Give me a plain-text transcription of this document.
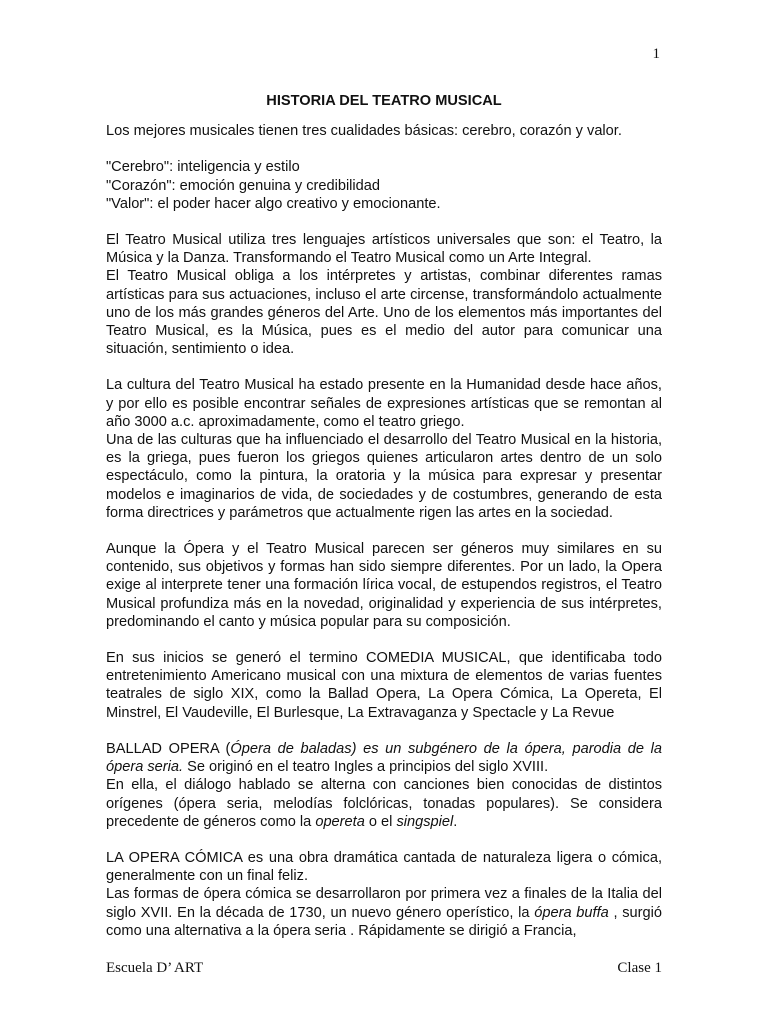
1

HISTORIA DEL TEATRO MUSICAL

Los mejores musicales tienen tres cualidades básicas: cerebro, corazón y valor.

"Cerebro": inteligencia y estilo

"Corazón": emoción genuina y credibilidad

"Valor": el poder hacer algo creativo y emocionante.

El Teatro Musical utiliza tres lenguajes artísticos universales que son: el Teatro, la Música y la Danza. Transformando el Teatro Musical como un Arte Integral.

El Teatro Musical obliga a los intérpretes y artistas, combinar diferentes ramas artísticas para sus actuaciones, incluso el arte circense, transformándolo actualmente uno de los más grandes géneros del Arte. Uno de los elementos más importantes del Teatro Musical, es la Música, pues es el medio del autor para comunicar una situación, sentimiento o idea.

La cultura del Teatro Musical ha estado presente en la Humanidad desde hace años, y por ello es posible encontrar señales de expresiones artísticas que se remontan al año 3000 a.c. aproximadamente, como el teatro griego.

Una de las culturas que ha influenciado el desarrollo del Teatro Musical en la historia, es la griega, pues fueron los griegos quienes articularon artes dentro de un solo espectáculo, como la pintura, la oratoria y la música para expresar y presentar modelos e imaginarios de vida, de sociedades y de costumbres, generando de esta forma directrices y parámetros que actualmente rigen las artes en la sociedad.

Aunque la Ópera y el Teatro Musical parecen ser géneros muy similares en su contenido, sus objetivos y formas han sido siempre diferentes. Por un lado, la Opera exige al interprete tener una formación lírica vocal, de estupendos registros, el Teatro Musical profundiza más en la novedad, originalidad y experiencia de sus intérpretes, predominando el canto y música popular para su composición.

En sus inicios se generó el termino COMEDIA MUSICAL, que identificaba todo entretenimiento Americano musical con una mixtura de elementos de varias fuentes teatrales de siglo XIX, como la Ballad Opera, La Opera Cómica, La Opereta, El Minstrel, El Vaudeville, El Burlesque, La Extravaganza y Spectacle y La Revue

BALLAD OPERA (Ópera de baladas) es un subgénero de la ópera, parodia de la ópera seria. Se originó en el teatro Ingles a principios del siglo XVIII.

En ella, el diálogo hablado se alterna con canciones bien conocidas de distintos orígenes (ópera seria, melodías folclóricas, tonadas populares). Se considera precedente de géneros como la opereta o el singspiel.

LA OPERA CÓMICA es una obra dramática cantada de naturaleza ligera o cómica, generalmente con un final feliz.

Las formas de ópera cómica se desarrollaron por primera vez a finales de la Italia del siglo XVII. En la década de 1730, un nuevo género operístico, la ópera buffa , surgió como una alternativa a la ópera seria . Rápidamente se dirigió a Francia,

Escuela D’ ART	Clase 1
